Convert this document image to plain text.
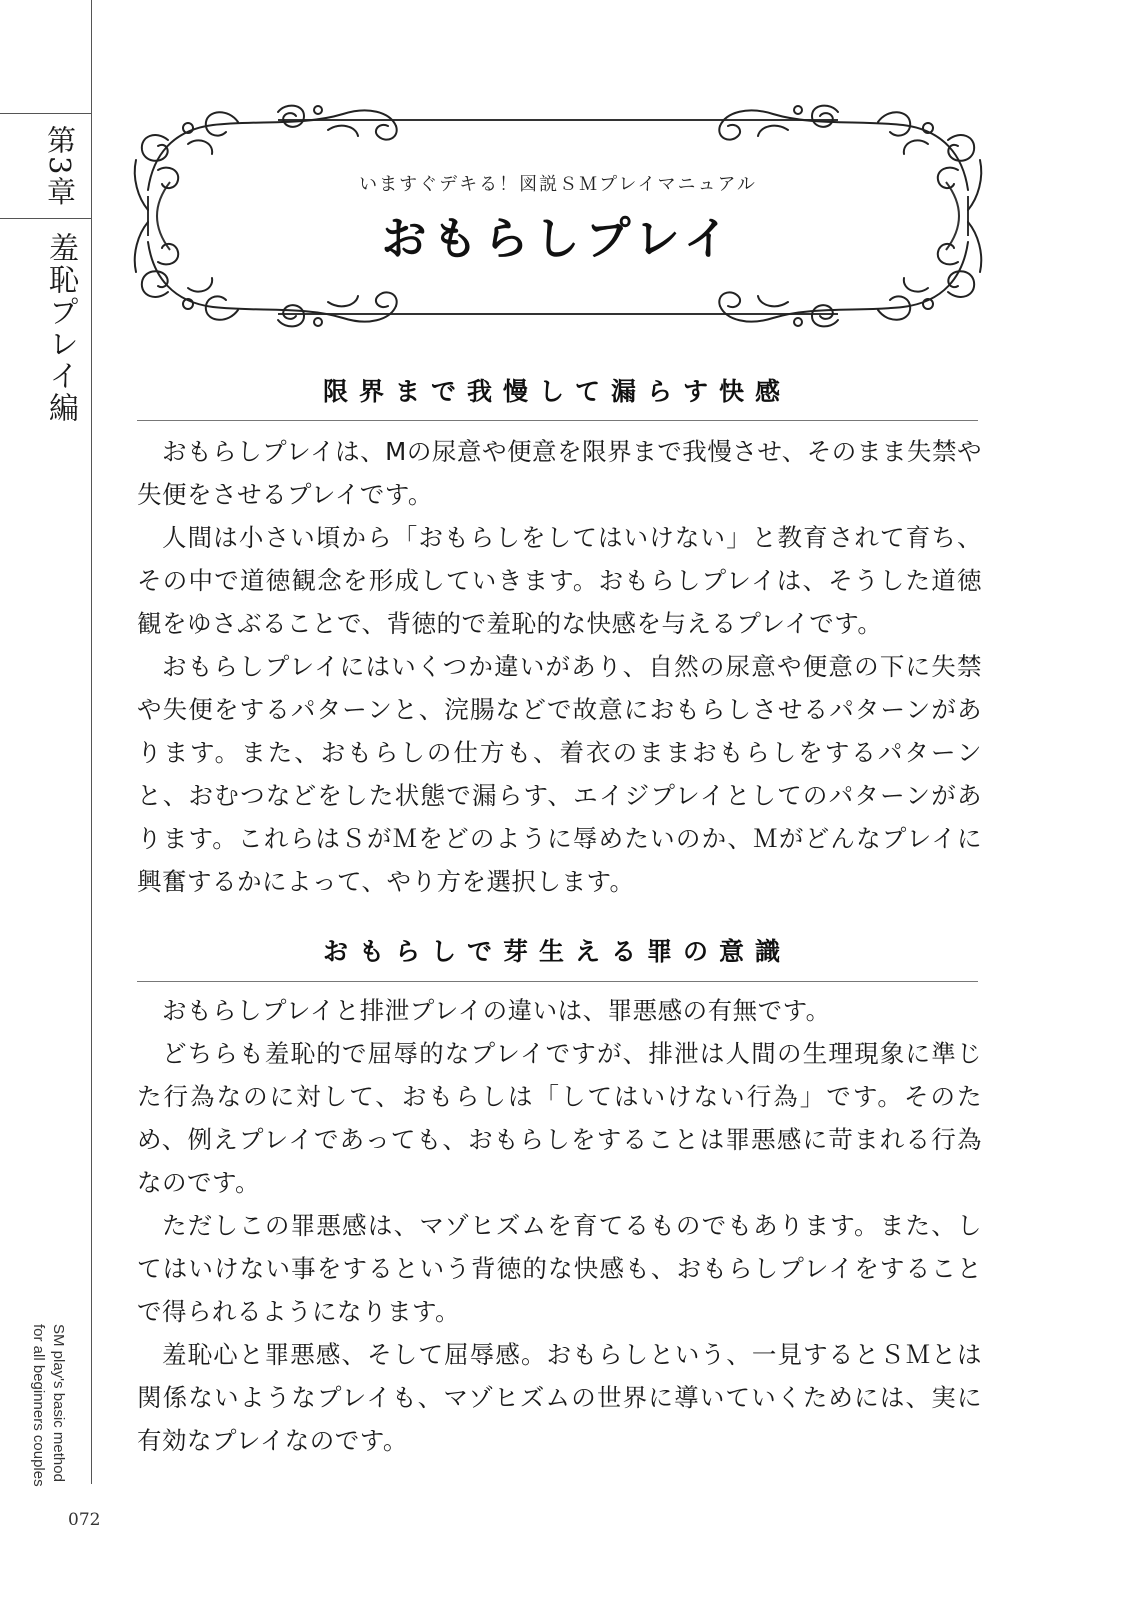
第3章
羞恥プレイ編
SM play's basic method
for all beginners couples
072
いますぐデキる！図説ＳＭプレイマニュアル
おもらしプレイ
限界まで我慢して漏らす快感

おもらしプレイは、Mの尿意や便意を限界まで我慢させ、そのまま失禁や失便をさせるプレイです。

人間は小さい頃から「おもらしをしてはいけない」と教育されて育ち、その中で道徳観念を形成していきます。おもらしプレイは、そうした道徳観をゆさぶることで、背徳的で羞恥的な快感を与えるプレイです。

おもらしプレイにはいくつか違いがあり、自然の尿意や便意の下に失禁や失便をするパターンと、浣腸などで故意におもらしさせるパターンがあります。また、おもらしの仕方も、着衣のままおもらしをするパターンと、おむつなどをした状態で漏らす、エイジプレイとしてのパターンがあります。これらはＳがＭをどのように辱めたいのか、Ｍがどんなプレイに興奮するかによって、やり方を選択します。

おもらしで芽生える罪の意識

おもらしプレイと排泄プレイの違いは、罪悪感の有無です。

どちらも羞恥的で屈辱的なプレイですが、排泄は人間の生理現象に準じた行為なのに対して、おもらしは「してはいけない行為」です。そのため、例えプレイであっても、おもらしをすることは罪悪感に苛まれる行為なのです。

ただしこの罪悪感は、マゾヒズムを育てるものでもあります。また、してはいけない事をするという背徳的な快感も、おもらしプレイをすることで得られるようになります。

羞恥心と罪悪感、そして屈辱感。おもらしという、一見するとＳＭとは関係ないようなプレイも、マゾヒズムの世界に導いていくためには、実に有効なプレイなのです。
